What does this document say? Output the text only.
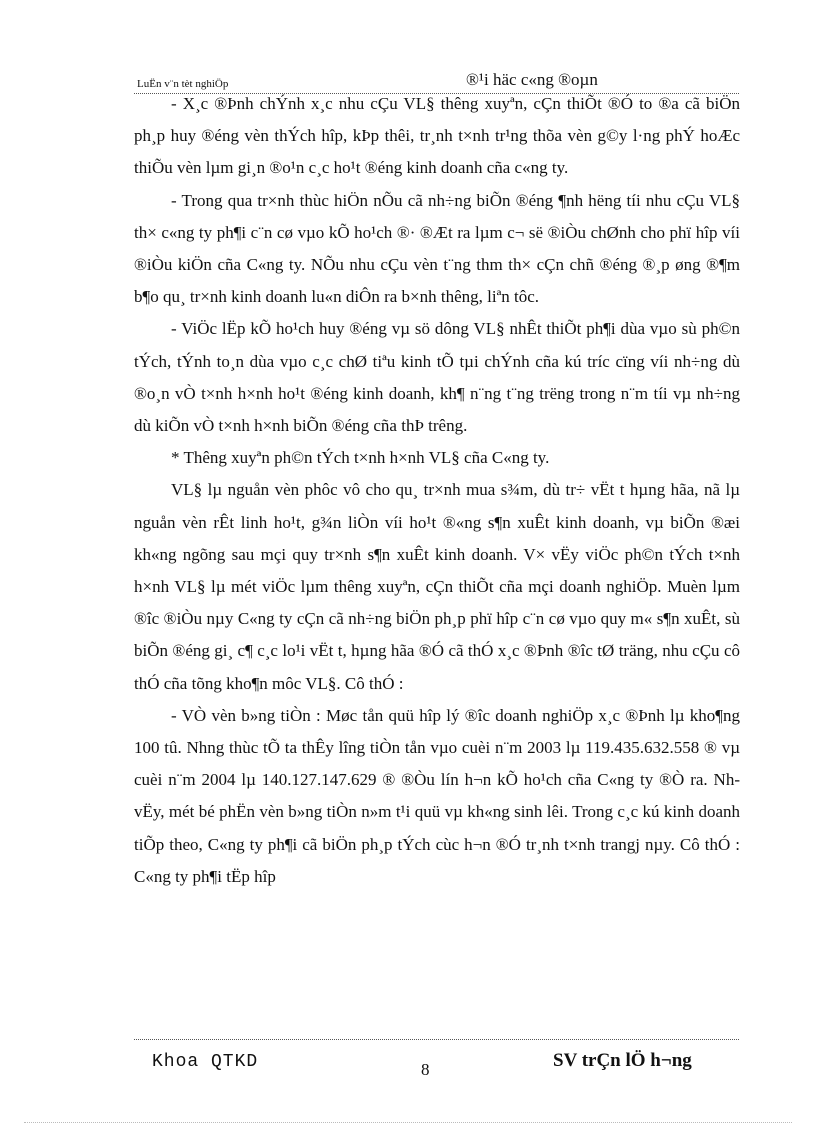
LuËn v¨n tèt nghiÖp	®¹i häc c«ng ®oµn

- X¸c ®Þnh chÝnh x¸c nhu cÇu VL§ thêng xuyªn, cÇn thiÕt ®Ó to ®a cã biÖn ph¸p huy ®éng vèn thÝch hîp, kÞp thêi, tr¸nh t×nh tr¹ng thõa vèn g©y l·ng phÝ hoÆc thiÕu vèn lµm gi¸n ®o¹n c¸c ho¹t ®éng kinh doanh cña c«ng ty.

- Trong qua tr×nh thùc hiÖn nÕu cã nh÷ng biÕn ®éng ¶nh hëng tíi nhu cÇu VL§ th× c«ng ty ph¶i c¨n cø vµo kÕ ho¹ch ®· ®Æt ra lµm c¬ së ®iÒu chØnh cho phï hîp víi ®iÒu kiÖn cña C«ng ty. NÕu nhu cÇu vèn t¨ng thm th× cÇn chñ ®éng ®¸p øng ®¶m b¶o qu¸ tr×nh kinh doanh lu«n diÔn ra b×nh thêng, liªn tôc.

- ViÖc lËp kÕ ho¹ch huy ®éng vµ sö dông VL§ nhÊt thiÕt ph¶i dùa vµo sù ph©n tÝch, tÝnh to¸n dùa vµo c¸c chØ tiªu kinh tÕ tµi chÝnh cña kú tríc cïng víi nh÷ng dù ®o¸n vÒ t×nh h×nh ho¹t ®éng kinh doanh, kh¶ n¨ng t¨ng trëng trong n¨m tíi vµ nh÷ng dù kiÕn vÒ t×nh h×nh biÕn ®éng cña thÞ trêng.

* Thêng xuyªn ph©n tÝch t×nh h×nh VL§ cña C«ng ty.

VL§ lµ nguån vèn phôc vô cho qu¸ tr×nh mua s¾m, dù tr÷ vËt t hµng hãa, nã lµ nguån vèn rÊt linh ho¹t, g¾n liÒn víi ho¹t ®«ng s¶n xuÊt kinh doanh, vµ biÕn ®æi kh«ng ngõng sau mçi quy tr×nh s¶n xuÊt kinh doanh. V× vËy viÖc ph©n tÝch t×nh h×nh VL§ lµ mét viÖc lµm thêng xuyªn, cÇn thiÕt cña mçi doanh nghiÖp. Muèn lµm ®îc ®iÒu nµy C«ng ty cÇn cã nh÷ng biÖn ph¸p phï hîp c¨n cø vµo quy m« s¶n xuÊt, sù biÕn ®éng gi¸ c¶ c¸c lo¹i vËt t, hµng hãa ®Ó cã thÓ x¸c ®Þnh ®îc tØ träng, nhu cÇu cô thÓ cña tõng kho¶n môc VL§. Cô thÓ :

- VÒ vèn b»ng tiÒn : Møc tån quü hîp lý ®îc doanh nghiÖp x¸c ®Þnh lµ kho¶ng 100 tû. Nhng thùc tÕ ta thÊy lîng tiÒn tån vµo cuèi n¨m 2003 lµ 119.435.632.558 ® vµ cuèi n¨m 2004 lµ 140.127.147.629 ® ®Òu lín h¬n kÕ ho¹ch cña C«ng ty ®Ò ra. Nh vËy, mét bé phËn vèn b»ng tiÒn n»m t¹i quü vµ kh«ng sinh lêi. Trong c¸c kú kinh doanh tiÕp theo, C«ng ty ph¶i cã biÖn ph¸p tÝch cùc h¬n ®Ó tr¸nh t×nh trangj nµy. Cô thÓ : C«ng ty ph¶i tËp hîp

Khoa QTKD	8	SV trÇn lÖ h¬ng
